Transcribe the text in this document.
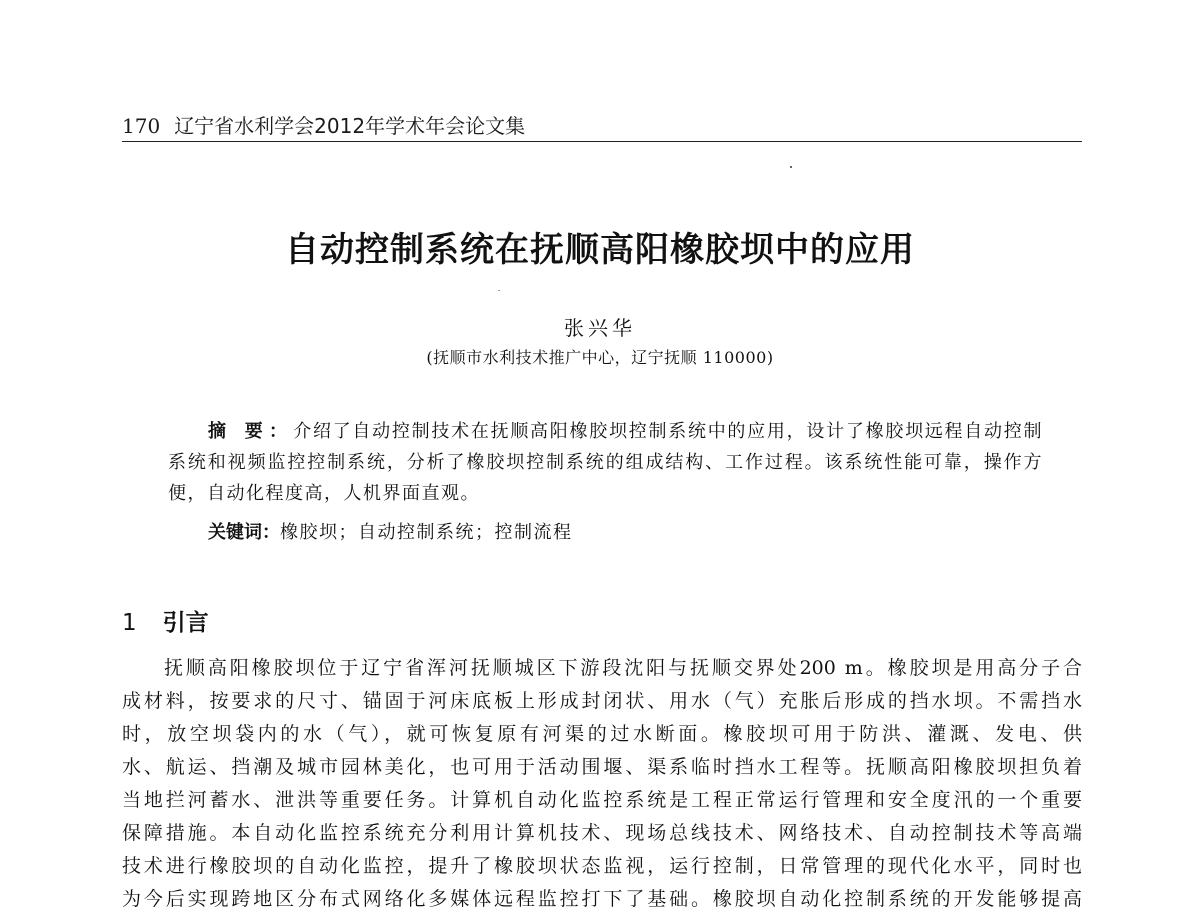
170 辽宁省水利学会2012年学术年会论文集
自动控制系统在抚顺高阳橡胶坝中的应用
张兴华
(抚顺市水利技术推广中心，辽宁抚顺 110000)
摘 要：介绍了自动控制技术在抚顺高阳橡胶坝控制系统中的应用，设计了橡胶坝远程自动控制系统和视频监控控制系统，分析了橡胶坝控制系统的组成结构、工作过程。该系统性能可靠，操作方便，自动化程度高，人机界面直观。
关键词：橡胶坝；自动控制系统；控制流程
1 引言
抚顺高阳橡胶坝位于辽宁省浑河抚顺城区下游段沈阳与抚顺交界处200 m。橡胶坝是用高分子合
成材料，按要求的尺寸、锚固于河床底板上形成封闭状、用水（气）充胀后形成的挡水坝。不需挡水
时，放空坝袋内的水（气），就可恢复原有河渠的过水断面。橡胶坝可用于防洪、灌溉、发电、供
水、航运、挡潮及城市园林美化，也可用于活动围堰、渠系临时挡水工程等。抚顺高阳橡胶坝担负着
当地拦河蓄水、泄洪等重要任务。计算机自动化监控系统是工程正常运行管理和安全度汛的一个重要
保障措施。本自动化监控系统充分利用计算机技术、现场总线技术、网络技术、自动控制技术等高端
技术进行橡胶坝的自动化监控，提升了橡胶坝状态监视，运行控制，日常管理的现代化水平，同时也
为今后实现跨地区分布式网络化多媒体远程监控打下了基础。橡胶坝自动化控制系统的开发能够提高
